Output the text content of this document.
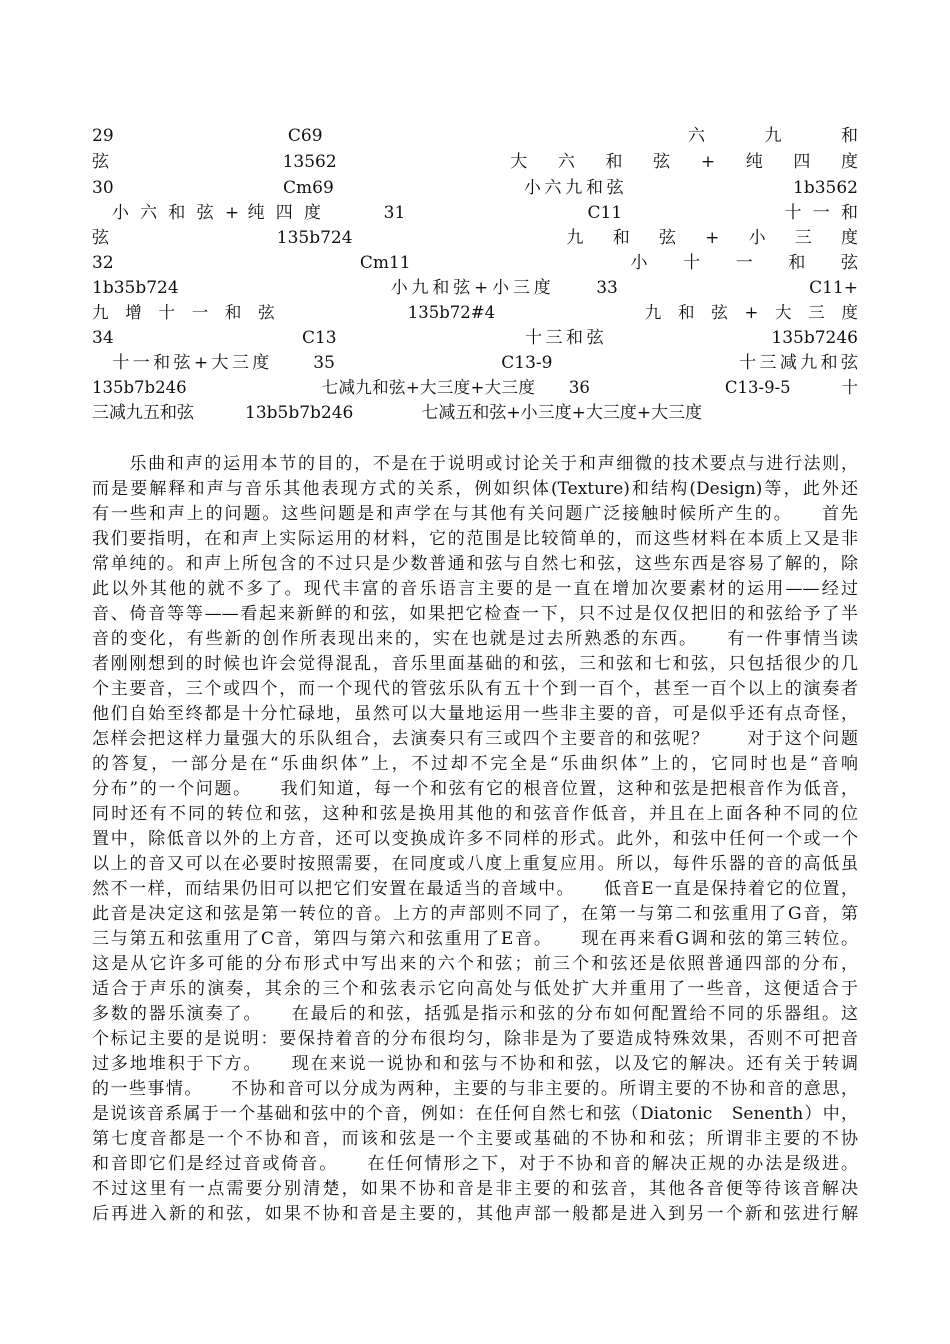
29　　　　　　　　　C69　　　　　　　　　　　　　　　　　　　六　　　九　　　和
弦　　　　　　　13562　　　　　　　大　六　和　弦　+　纯　四　度
30　　　　　　　　Cm69　　　　　　　　　小六九和弦　　　　　　　　1b3562
　小 六 和 弦 + 纯 四 度　　　31　　　　　　　　　C11　　　　　　　　十 一 和
弦　　　　　　　135b724　　　　　　　　　九　和　弦　+　小　三　度
32　　　　　　　　　Cm11　　　　　　　　小　十　一　和　弦
1b35b724　　　　　　　　　　小九和弦+小三度　　33　　　　　　　　　C11+
九　增　十　一　和　弦　　　　　　　　135b72#4　　　　　　　　　九　和　弦　+　大　三　度
34　　　　　　　　　C13　　　　　　　　　十三和弦　　　　　　　　135b7246
　十一和弦+大三度　　35　　　　　　　　C13-9　　　　　　　　　十三减九和弦
135b7b246　　　　　　　　七减九和弦+大三度+大三度　　36　　　　　　　　C13-9-5　　　十
三减九五和弦　　　13b5b7b246　　　　七减五和弦+小三度+大三度+大三度
　　乐曲和声的运用本节的目的，不是在于说明或讨论关于和声细微的技术要点与进行法则，
而是要解释和声与音乐其他表现方式的关系，例如织体(Texture)和结构(Design)等，此外还
有一些和声上的问题。这些问题是和声学在与其他有关问题广泛接触时候所产生的。　　首先
我们要指明，在和声上实际运用的材料，它的范围是比较简单的，而这些材料在本质上又是非
常单纯的。和声上所包含的不过只是少数普通和弦与自然七和弦，这些东西是容易了解的，除
此以外其他的就不多了。现代丰富的音乐语言主要的是一直在增加次要素材的运用——经过
音、倚音等等——看起来新鲜的和弦，如果把它检查一下，只不过是仅仅把旧的和弦给予了半
音的变化，有些新的创作所表现出来的，实在也就是过去所熟悉的东西。　　有一件事情当读
者刚刚想到的时候也许会觉得混乱，音乐里面基础的和弦，三和弦和七和弦，只包括很少的几
个主要音，三个或四个，而一个现代的管弦乐队有五十个到一百个，甚至一百个以上的演奏者
他们自始至终都是十分忙碌地，虽然可以大量地运用一些非主要的音，可是似乎还有点奇怪，
怎样会把这样力量强大的乐队组合，去演奏只有三或四个主要音的和弦呢？　　对于这个问题
的答复，一部分是在“乐曲织体”上，不过却不完全是“乐曲织体”上的，它同时也是“音响
分布”的一个问题。　　我们知道，每一个和弦有它的根音位置，这种和弦是把根音作为低音，
同时还有不同的转位和弦，这种和弦是换用其他的和弦音作低音，并且在上面各种不同的位
置中，除低音以外的上方音，还可以变换成许多不同样的形式。此外，和弦中任何一个或一个
以上的音又可以在必要时按照需要，在同度或八度上重复应用。所以，每件乐器的音的高低虽
然不一样，而结果仍旧可以把它们安置在最适当的音域中。　　低音E一直是保持着它的位置，
此音是决定这和弦是第一转位的音。上方的声部则不同了，在第一与第二和弦重用了G音，第
三与第五和弦重用了C音，第四与第六和弦重用了E音。　　现在再来看G调和弦的第三转位。
这是从它许多可能的分布形式中写出来的六个和弦；前三个和弦还是依照普通四部的分布，
适合于声乐的演奏，其余的三个和弦表示它向高处与低处扩大并重用了一些音，这便适合于
多数的器乐演奏了。　　在最后的和弦，括弧是指示和弦的分布如何配置给不同的乐器组。这
个标记主要的是说明：要保持着音的分布很均匀，除非是为了要造成特殊效果，否则不可把音
过多地堆积于下方。　　现在来说一说协和和弦与不协和和弦，以及它的解决。还有关于转调
的一些事情。　　不协和音可以分成为两种，主要的与非主要的。所谓主要的不协和音的意思，
是说该音系属于一个基础和弦中的个音，例如：在任何自然七和弦（Diatonic　Senenth）中，
第七度音都是一个不协和音，而该和弦是一个主要或基础的不协和和弦；所谓非主要的不协
和音即它们是经过音或倚音。　　在任何情形之下，对于不协和音的解决正规的办法是级进。
不过这里有一点需要分别清楚，如果不协和音是非主要的和弦音，其他各音便等待该音解决
后再进入新的和弦，如果不协和音是主要的，其他声部一般都是进入到另一个新和弦进行解
